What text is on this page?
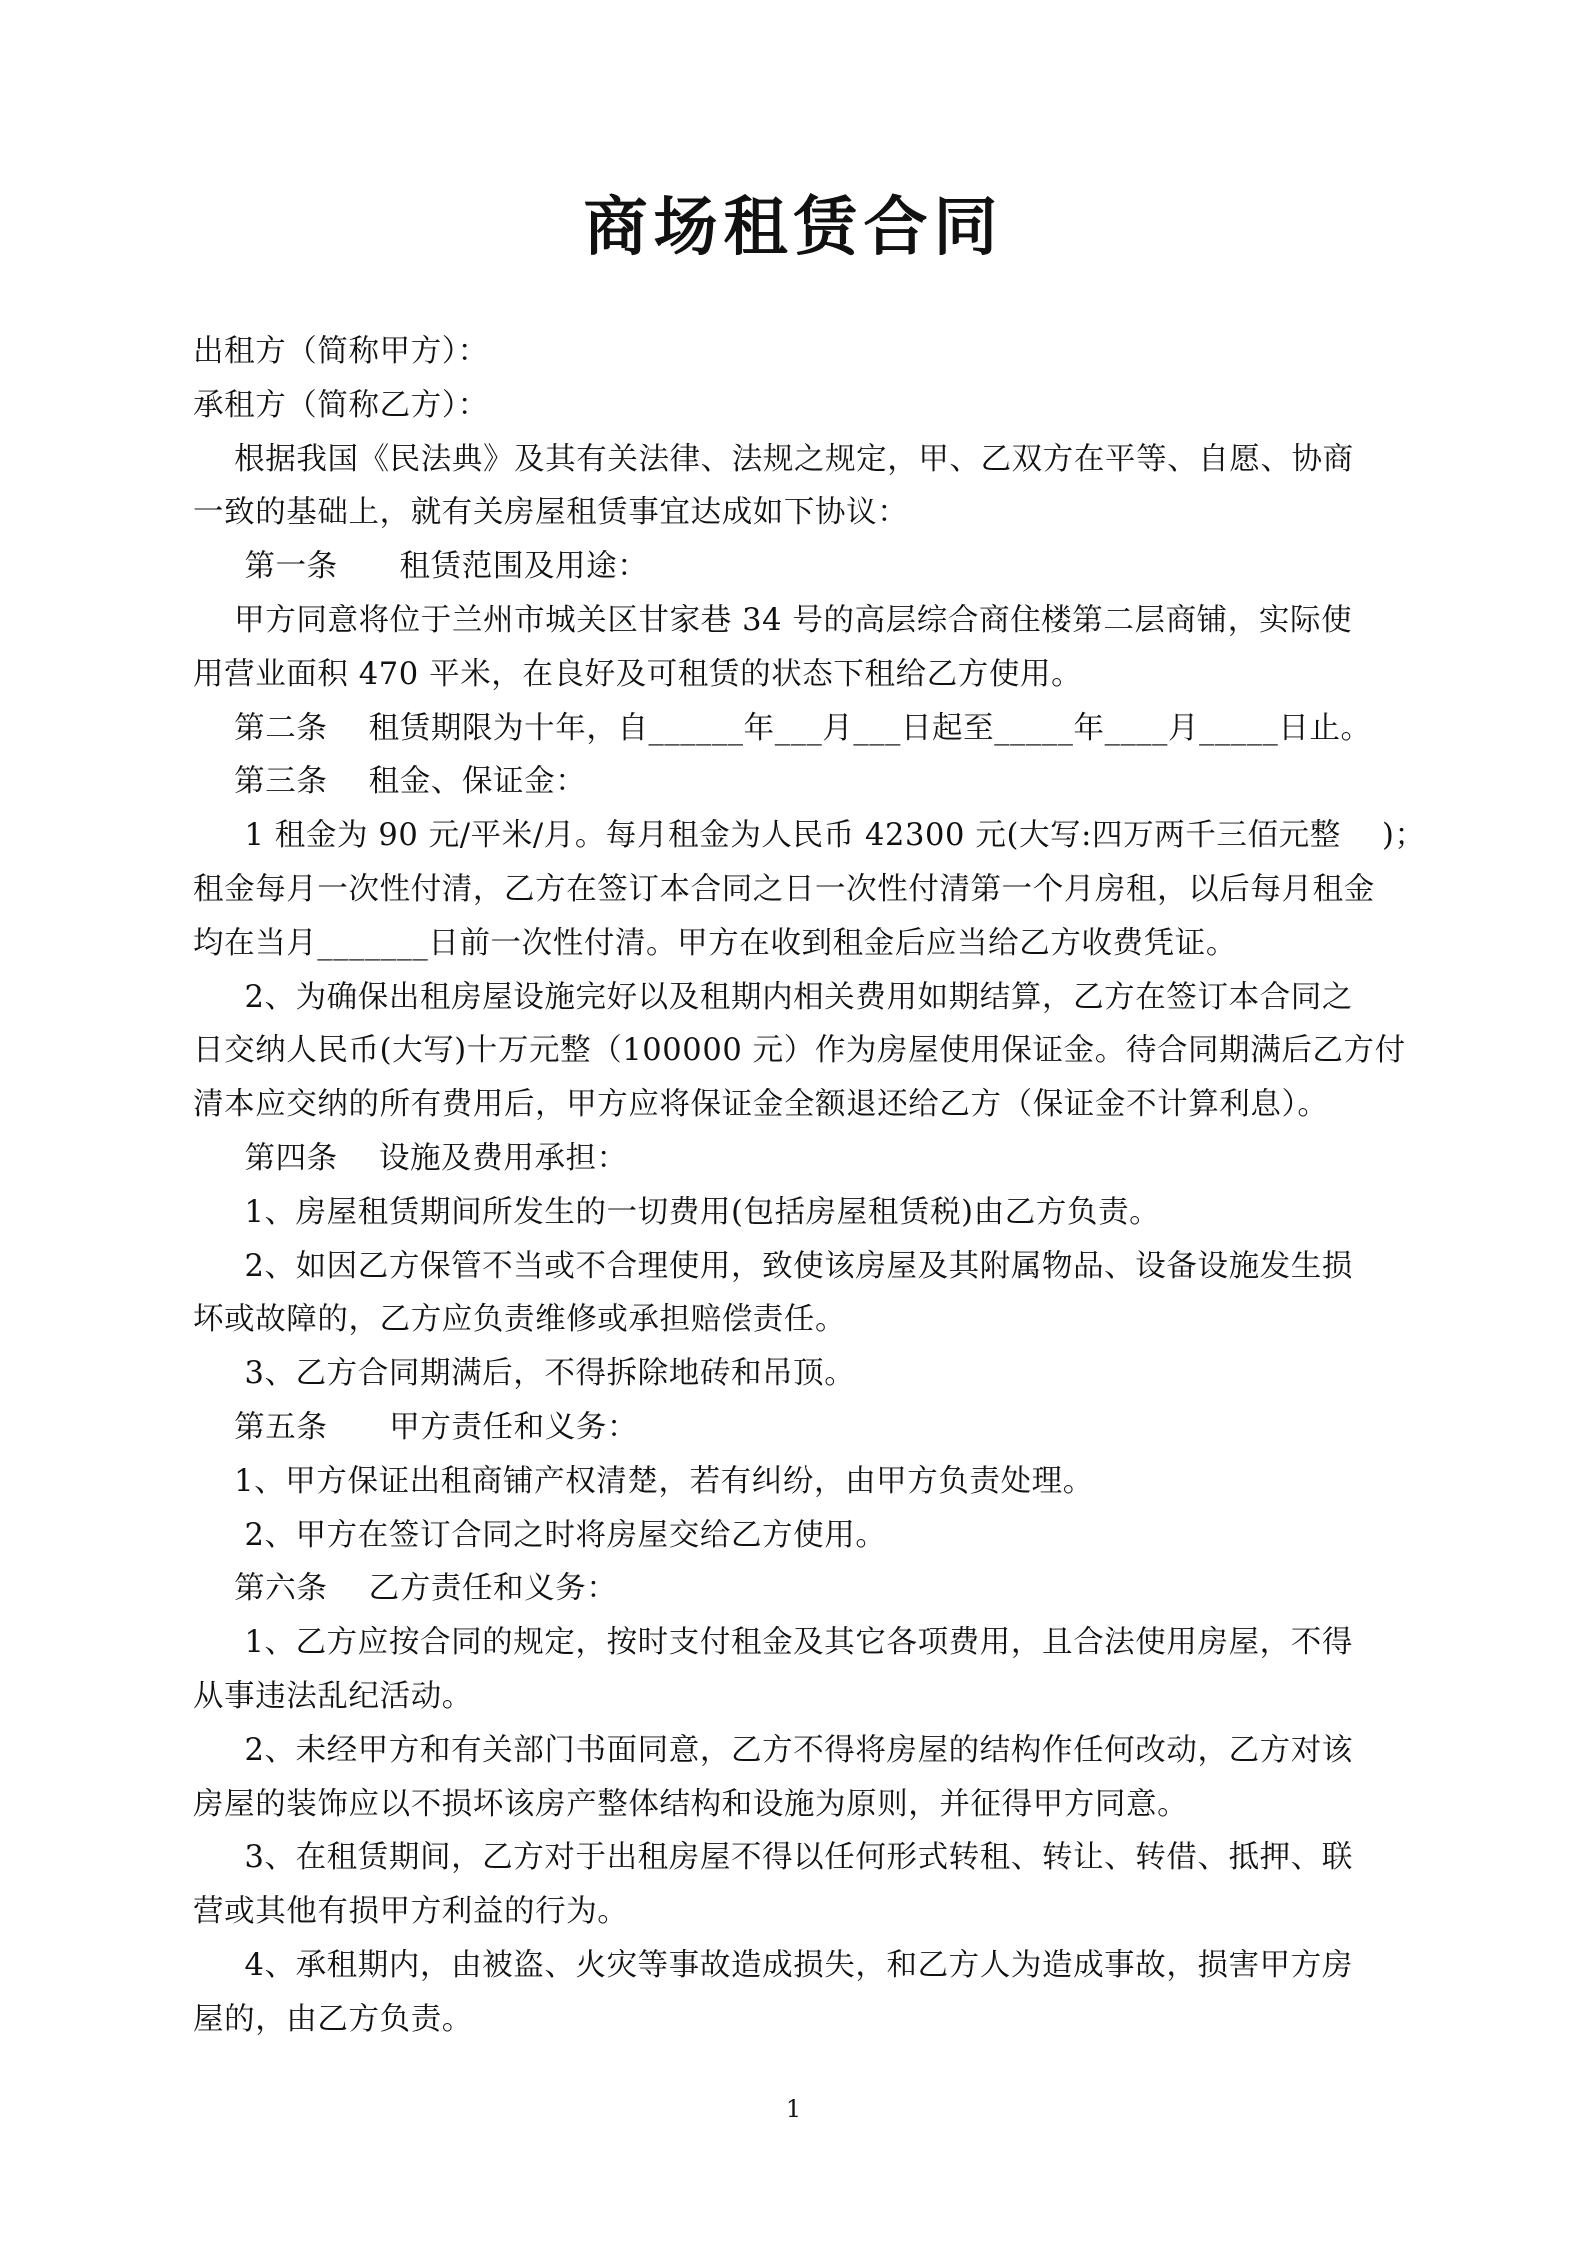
商场租赁合同
出租方（简称甲方）：
承租方（简称乙方）：
根据我国《民法典》及其有关法律、法规之规定，甲、乙双方在平等、自愿、协商
一致的基础上，就有关房屋租赁事宜达成如下协议：
第一条      租赁范围及用途：
甲方同意将位于兰州市城关区甘家巷 34 号的高层综合商住楼第二层商铺，实际使
用营业面积 470 平米，在良好及可租赁的状态下租给乙方使用。
第二条    租赁期限为十年，自______年___月___日起至_____年____月_____日止。
第三条    租金、保证金：
1 租金为 90 元/平米/月。每月租金为人民币 42300 元(大写:四万两千三佰元整    )；
租金每月一次性付清，乙方在签订本合同之日一次性付清第一个月房租，以后每月租金
均在当月_______日前一次性付清。甲方在收到租金后应当给乙方收费凭证。
2、为确保出租房屋设施完好以及租期内相关费用如期结算，乙方在签订本合同之
日交纳人民币(大写)十万元整（100000 元）作为房屋使用保证金。待合同期满后乙方付
清本应交纳的所有费用后，甲方应将保证金全额退还给乙方（保证金不计算利息）。
第四条    设施及费用承担：
1、房屋租赁期间所发生的一切费用(包括房屋租赁税)由乙方负责。
2、如因乙方保管不当或不合理使用，致使该房屋及其附属物品、设备设施发生损
坏或故障的，乙方应负责维修或承担赔偿责任。
3、乙方合同期满后，不得拆除地砖和吊顶。
第五条      甲方责任和义务：
1、甲方保证出租商铺产权清楚，若有纠纷，由甲方负责处理。
2、甲方在签订合同之时将房屋交给乙方使用。
第六条    乙方责任和义务：
1、乙方应按合同的规定，按时支付租金及其它各项费用，且合法使用房屋，不得
从事违法乱纪活动。
2、未经甲方和有关部门书面同意，乙方不得将房屋的结构作任何改动，乙方对该
房屋的装饰应以不损坏该房产整体结构和设施为原则，并征得甲方同意。
3、在租赁期间，乙方对于出租房屋不得以任何形式转租、转让、转借、抵押、联
营或其他有损甲方利益的行为。
4、承租期内，由被盗、火灾等事故造成损失，和乙方人为造成事故，损害甲方房
屋的，由乙方负责。
1
